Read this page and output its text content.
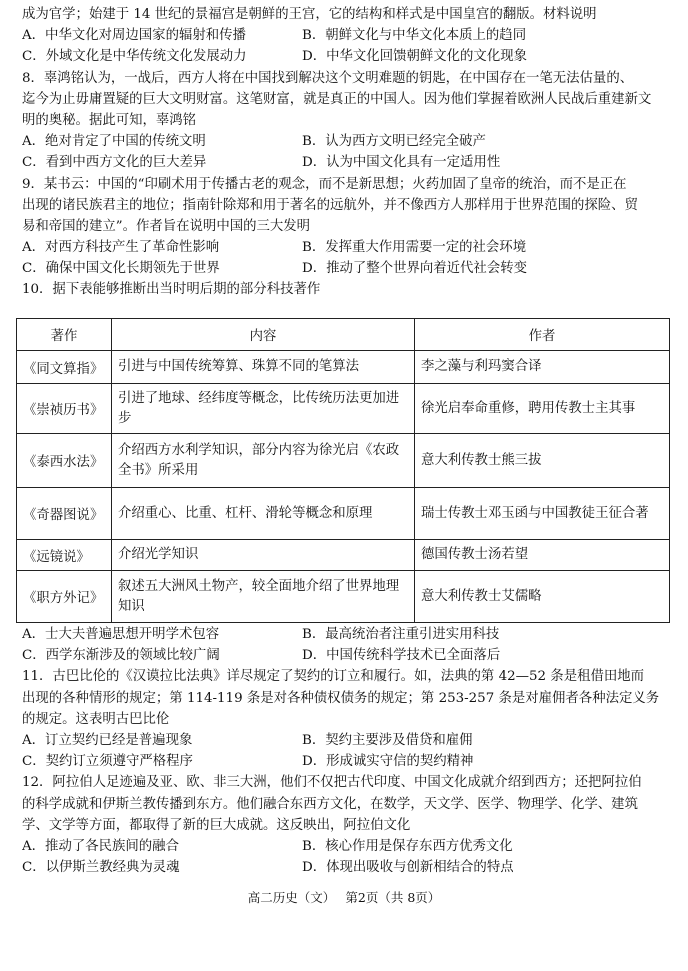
成为官学；始建于 14 世纪的景福宫是朝鲜的王宫，它的结构和样式是中国皇宫的翻版。材料说明
A．中华文化对周边国家的辐射和传播	B．朝鲜文化与中华文化本质上的趋同
C．外域文化是中华传统文化发展动力	D．中华文化回馈朝鲜文化的文化现象
8．辜鸿铭认为，一战后，西方人将在中国找到解决这个文明难题的钥匙，在中国存在一笔无法估量的、
迄今为止毋庸置疑的巨大文明财富。这笔财富，就是真正的中国人。因为他们掌握着欧洲人民战后重建新文
明的奥秘。据此可知，辜鸿铭
A．绝对肯定了中国的传统文明	B．认为西方文明已经完全破产
C．看到中西方文化的巨大差异	D．认为中国文化具有一定适用性
9．某书云：中国的“印刷术用于传播古老的观念，而不是新思想；火药加固了皇帝的统治，而不是正在
出现的诸民族君主的地位；指南针除郑和用于著名的远航外，并不像西方人那样用于世界范围的探险、贸
易和帝国的建立”。作者旨在说明中国的三大发明
A．对西方科技产生了革命性影响	B．发挥重大作用需要一定的社会环境
C．确保中国文化长期领先于世界	D．推动了整个世界向着近代社会转变
10．据下表能够推断出当时明后期的部分科技著作
著作	内容	作者
《同文算指》	引进与中国传统筹算、珠算不同的笔算法	李之藻与利玛窦合译
《崇祯历书》	引进了地球、经纬度等概念，比传统历法更加进步	徐光启奉命重修，聘用传教士主其事
《泰西水法》	介绍西方水利学知识，部分内容为徐光启《农政全书》所采用	意大利传教士熊三拔
《奇器图说》	介绍重心、比重、杠杆、滑轮等概念和原理	瑞士传教士邓玉函与中国教徒王征合著
《远镜说》	介绍光学知识	德国传教士汤若望
《职方外记》	叙述五大洲风土物产，较全面地介绍了世界地理知识	意大利传教士艾儒略
A．士大夫普遍思想开明学术包容	B．最高统治者注重引进实用科技
C．西学东渐涉及的领域比较广阔	D．中国传统科学技术已全面落后
11．古巴比伦的《汉谟拉比法典》详尽规定了契约的订立和履行。如，法典的第 42—52 条是租借田地而
出现的各种情形的规定；第 114-119 条是对各种债权债务的规定；第 253-257 条是对雇佣者各种法定义务
的规定。这表明古巴比伦
A．订立契约已经是普遍现象	B．契约主要涉及借贷和雇佣
C．契约订立须遵守严格程序	D．形成诚实守信的契约精神
12．阿拉伯人足迹遍及亚、欧、非三大洲，他们不仅把古代印度、中国文化成就介绍到西方；还把阿拉伯
的科学成就和伊斯兰教传播到东方。他们融合东西方文化，在数学，天文学、医学、物理学、化学、建筑
学、文学等方面，都取得了新的巨大成就。这反映出，阿拉伯文化
A．推动了各民族间的融合	B．核心作用是保存东西方优秀文化
C．以伊斯兰教经典为灵魂	D．体现出吸收与创新相结合的特点
高二历史（文）　 第2页（共 8页）
